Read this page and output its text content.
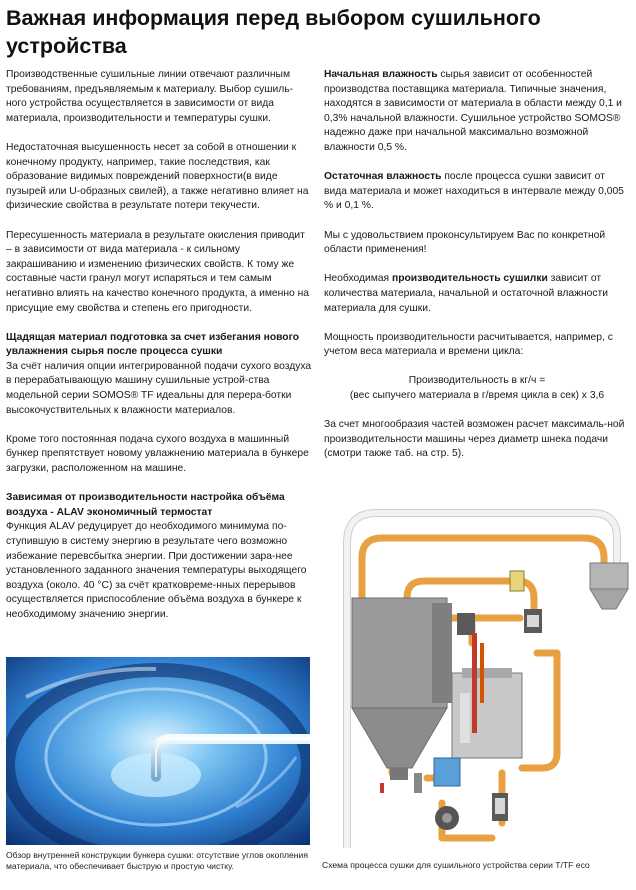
Важная информация перед выбором сушильного устройства

Производственные сушильные линии отвечают различным требованиям, предъявляемым к материалу. Выбор сушиль-ного устройства осуществляется в зависимости от вида материала, производительности и температуры сушки.

Недостаточная высушенность несет за собой в отношении к конечному продукту, например, такие последствия, как образование видимых повреждений поверхности(в виде пузырей или U-образных свилей), а также негативно влияет на физические свойства в результате потери текучести.

Пересушенность материала в результате окисления приводит – в зависимости от вида материала - к сильному закрашиванию и изменению физических свойств. К тому же составные части гранул могут испаряться и тем самым негативно влиять на качество конечного продукта, а именно на присущие ему свойства и степень его пригодности.

Щадящая материал подготовка за счет избегания нового увлажнения сырья после процесса сушки
За счёт наличия опции интегрированной подачи сухого воздуха в перерабатывающую машину сушильные устрой-ства модельной серии SOMOS® TF идеальны для перера-ботки высокочуствительных к влажности материалов.

Кроме того постоянная подача сухого воздуха в машинный бункер препятствует новому увлажнению материала в бункере загрузки, расположенном на машине.

Зависимая от производительности настройка объёма воздуха - ALAV экономичный термостат
Функция ALAV редуцирует до необходимого минимума по-ступившую в систему энергию в результате чего возможно избежание перевсбытка энергии. При достижении зара-нее установленного заданного значения температуры выходящего воздуха (около. 40 °C) за счёт кратковреме-нных перерывов осуществляется приспособление объёма воздуха в бункере к необходимому значению энергии.

Обзор внутренней конструкции бункера сушки: отсутствие углов окопления материала, что обеспечивает быструю и простую чистку.

Начальная влажность сырья зависит от особенностей производства поставщика материала. Типичные значения, находятся в зависимости от материала в области между 0,1 и 0,3% начальной влажности. Сушильное устройство SOMOS® надежно даже при начальной максимально возможной влажности 0,5 %.

Остаточная влажность после процесса сушки зависит от вида материала и может находиться в интервале между 0,005 % и 0,1 %.

Мы с удовольствием проконсультируем Вас по конкретной области применения!

Необходимая производительность сушилки зависит от количества материала, начальной и остаточной влажности материала для сушки.

Мощность производительности расчитывается, например, с учетом веса материала и времени цикла:

Производительность в кг/ч =
(вес сыпучего материала в г/время цикла в сек) x 3,6

За счет многообразия частей возможен расчет максималь-ной производительности машины через диаметр шнека подачи (смотри также таб. на стр. 5).

Схема процесса сушки для сушильного устройства серии T/TF eco
